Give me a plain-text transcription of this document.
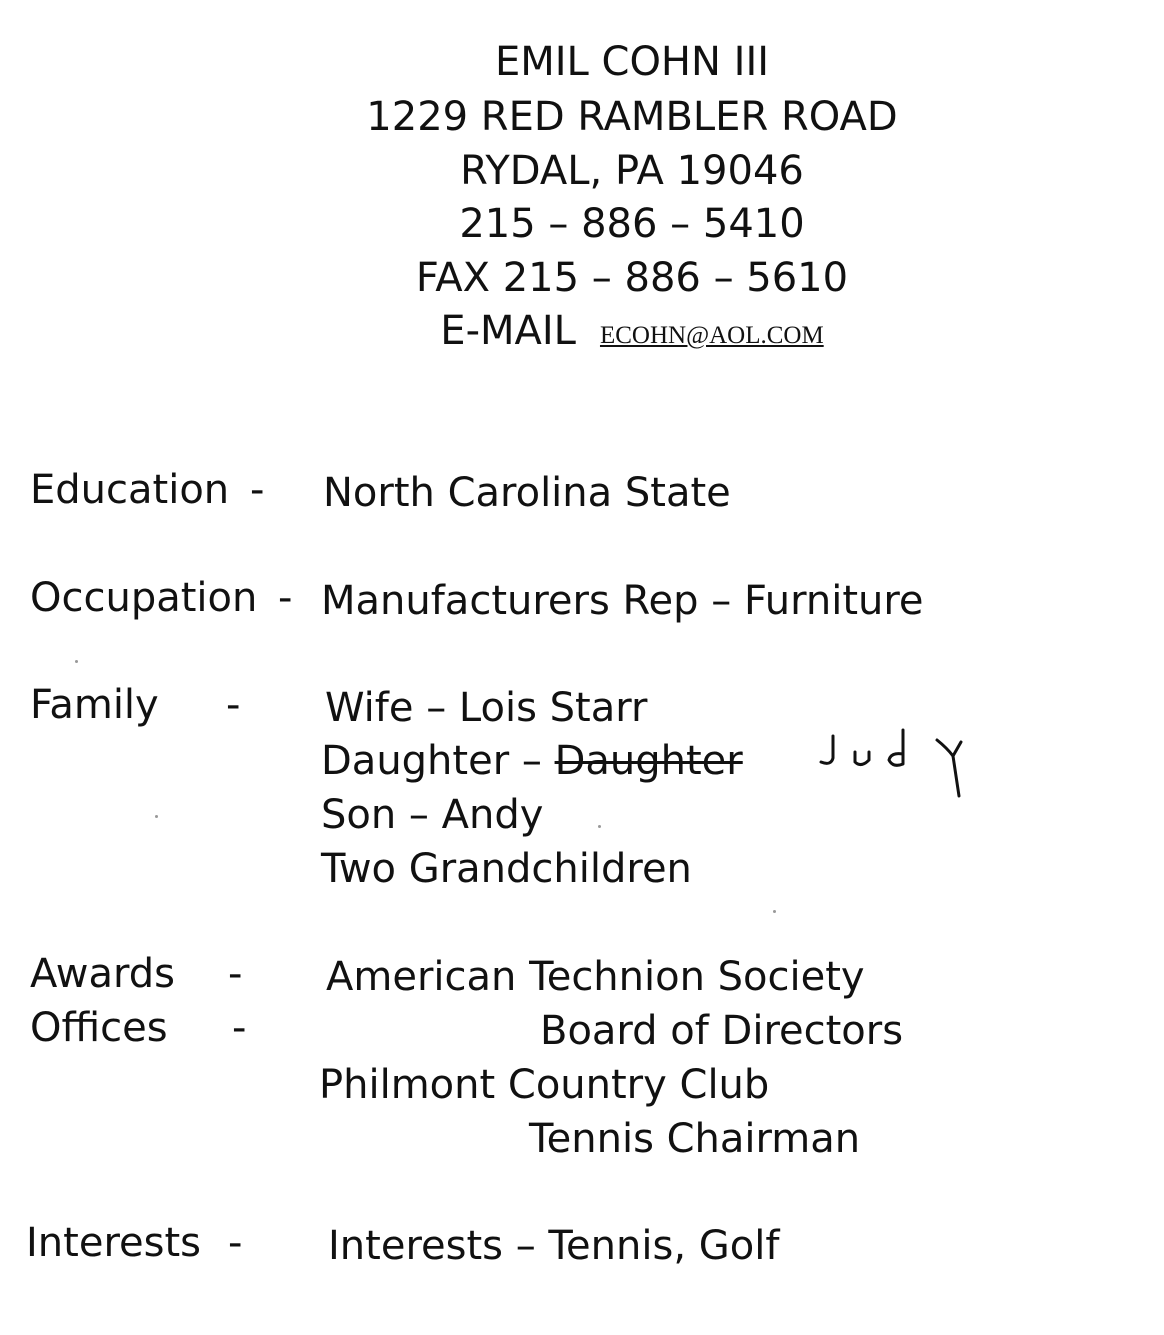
EMIL COHN III
1229 RED RAMBLER ROAD
RYDAL, PA 19046
215 – 886 – 5410
FAX 215 – 886 – 5610
E-MAIL ECOHN@AOL.COM
Education - North Carolina State
Occupation - Manufacturers Rep – Furniture
Family - Wife – Lois Starr
Daughter – Daughter
Son – Andy
Two Grandchildren
Awards -
Offices -
American Technion Society
Board of Directors
Philmont Country Club
Tennis Chairman
Interests - Interests – Tennis, Golf
